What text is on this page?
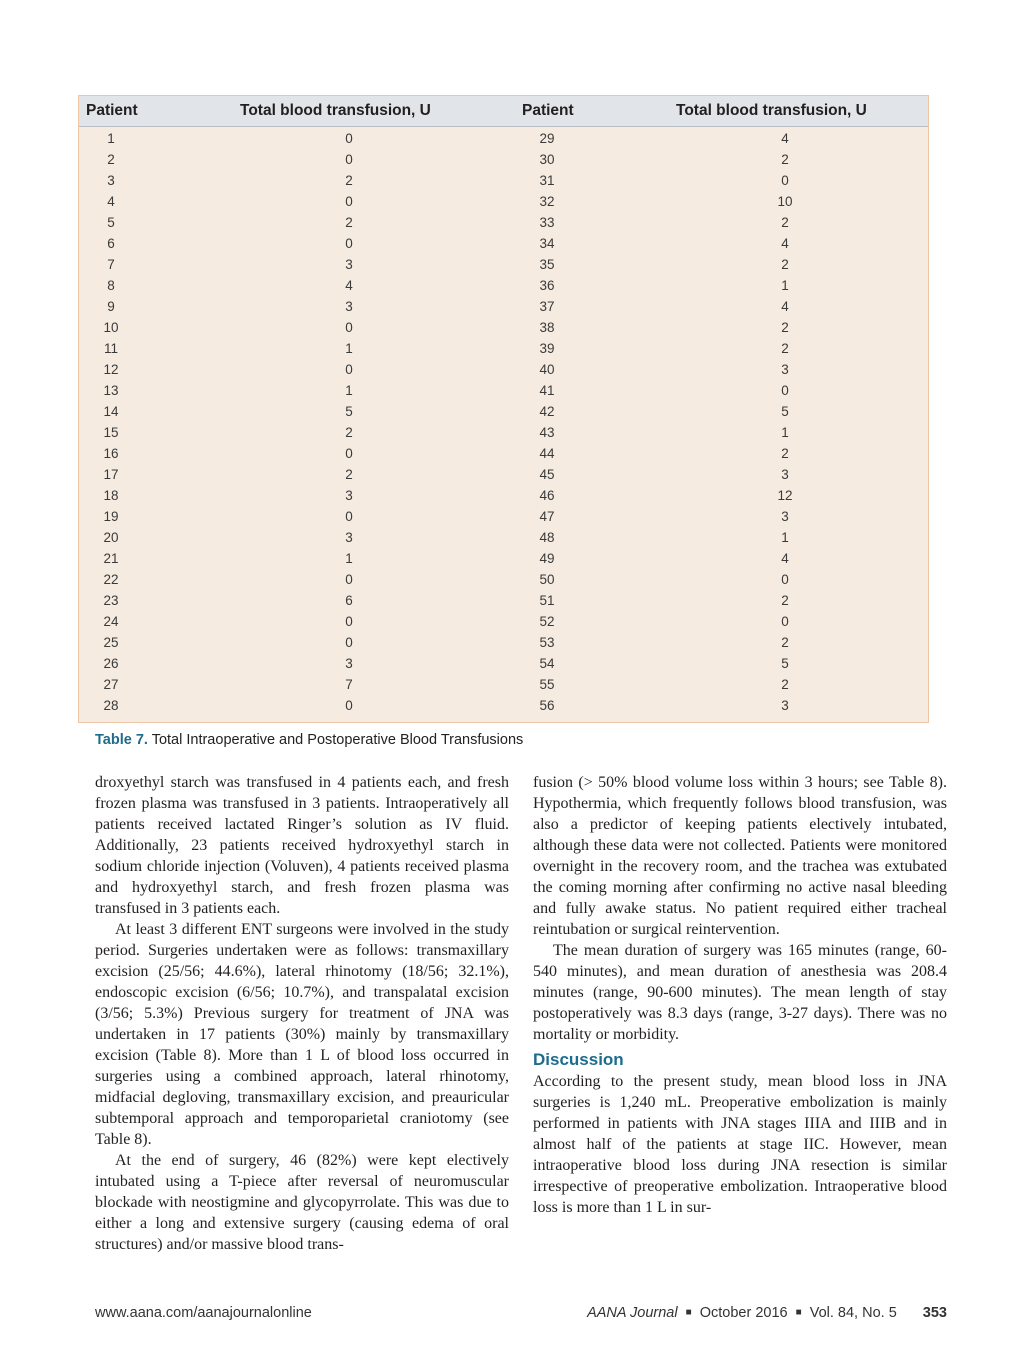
Patient	Total blood transfusion, U	Patient	Total blood transfusion, U
1	0	29	4
2	0	30	2
3	2	31	0
4	0	32	10
5	2	33	2
6	0	34	4
7	3	35	2
8	4	36	1
9	3	37	4
10	0	38	2
11	1	39	2
12	0	40	3
13	1	41	0
14	5	42	5
15	2	43	1
16	0	44	2
17	2	45	3
18	3	46	12
19	0	47	3
20	3	48	1
21	1	49	4
22	0	50	0
23	6	51	2
24	0	52	0
25	0	53	2
26	3	54	5
27	7	55	2
28	0	56	3
Table 7. Total Intraoperative and Postoperative Blood Transfusions

droxyethyl starch was transfused in 4 patients each, and fresh frozen plasma was transfused in 3 patients. Intraoperatively all patients received lactated Ringer’s solution as IV fluid. Additionally, 23 patients received hydroxyethyl starch in sodium chloride injection (Voluven), 4 patients received plasma and hydroxyethyl starch, and fresh frozen plasma was transfused in 3 patients each.

At least 3 different ENT surgeons were involved in the study period. Surgeries undertaken were as follows: transmaxillary excision (25/56; 44.6%), lateral rhinotomy (18/56; 32.1%), endoscopic excision (6/56; 10.7%), and transpalatal excision (3/56; 5.3%) Previous surgery for treatment of JNA was undertaken in 17 patients (30%) mainly by transmaxillary excision (Table 8). More than 1 L of blood loss occurred in surgeries using a combined approach, lateral rhinotomy, midfacial degloving, transmaxillary excision, and preauricular subtemporal approach and temporoparietal craniotomy (see Table 8).

At the end of surgery, 46 (82%) were kept electively intubated using a T-piece after reversal of neuromuscular blockade with neostigmine and glycopyrrolate. This was due to either a long and extensive surgery (causing edema of oral structures) and/or massive blood trans-

fusion (> 50% blood volume loss within 3 hours; see Table 8). Hypothermia, which frequently follows blood transfusion, was also a predictor of keeping patients electively intubated, although these data were not collected. Patients were monitored overnight in the recovery room, and the trachea was extubated the coming morning after confirming no active nasal bleeding and fully awake status. No patient required either tracheal reintubation or surgical reintervention.

The mean duration of surgery was 165 minutes (range, 60-540 minutes), and mean duration of anesthesia was 208.4 minutes (range, 90-600 minutes). The mean length of stay postoperatively was 8.3 days (range, 3-27 days). There was no mortality or morbidity.

Discussion

According to the present study, mean blood loss in JNA surgeries is 1,240 mL. Preoperative embolization is mainly performed in patients with JNA stages IIIA and IIIB and in almost half of the patients at stage IIC. However, mean intraoperative blood loss during JNA resection is similar irrespective of preoperative embolization. Intraoperative blood loss is more than 1 L in sur-

www.aana.com/aanajournalonline	AANA Journal ■ October 2016 ■ Vol. 84, No. 5 353
